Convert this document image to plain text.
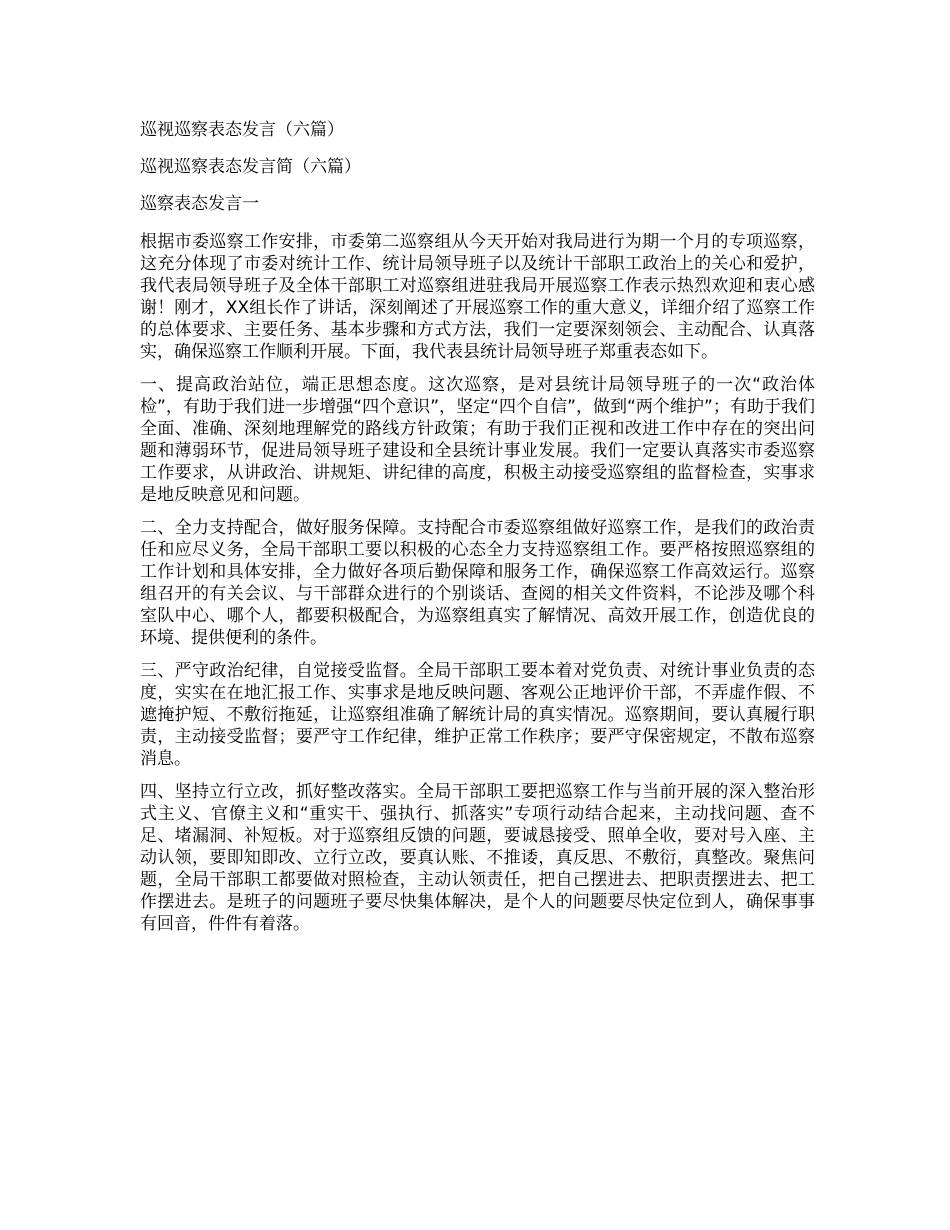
巡视巡察表态发言（六篇）
巡视巡察表态发言简（六篇）
巡察表态发言一

根据市委巡察工作安排，市委第二巡察组从今天开始对我局进行为期一个月的专项巡察，这充分体现了市委对统计工作、统计局领导班子以及统计干部职工政治上的关心和爱护，我代表局领导班子及全体干部职工对巡察组进驻我局开展巡察工作表示热烈欢迎和衷心感谢！刚才，XX组长作了讲话，深刻阐述了开展巡察工作的重大意义，详细介绍了巡察工作的总体要求、主要任务、基本步骤和方式方法，我们一定要深刻领会、主动配合、认真落实，确保巡察工作顺利开展。下面，我代表县统计局领导班子郑重表态如下。

一、提高政治站位，端正思想态度。这次巡察，是对县统计局领导班子的一次“政治体检”，有助于我们进一步增强“四个意识”，坚定“四个自信”，做到“两个维护”；有助于我们全面、准确、深刻地理解党的路线方针政策；有助于我们正视和改进工作中存在的突出问题和薄弱环节，促进局领导班子建设和全县统计事业发展。我们一定要认真落实市委巡察工作要求，从讲政治、讲规矩、讲纪律的高度，积极主动接受巡察组的监督检查，实事求是地反映意见和问题。

二、全力支持配合，做好服务保障。支持配合市委巡察组做好巡察工作，是我们的政治责任和应尽义务，全局干部职工要以积极的心态全力支持巡察组工作。要严格按照巡察组的工作计划和具体安排，全力做好各项后勤保障和服务工作，确保巡察工作高效运行。巡察组召开的有关会议、与干部群众进行的个别谈话、查阅的相关文件资料，不论涉及哪个科室队中心、哪个人，都要积极配合，为巡察组真实了解情况、高效开展工作，创造优良的环境、提供便利的条件。

三、严守政治纪律，自觉接受监督。全局干部职工要本着对党负责、对统计事业负责的态度，实实在在地汇报工作、实事求是地反映问题、客观公正地评价干部，不弄虚作假、不遮掩护短、不敷衍拖延，让巡察组准确了解统计局的真实情况。巡察期间，要认真履行职责，主动接受监督；要严守工作纪律，维护正常工作秩序；要严守保密规定，不散布巡察消息。

四、坚持立行立改，抓好整改落实。全局干部职工要把巡察工作与当前开展的深入整治形式主义、官僚主义和“重实干、强执行、抓落实”专项行动结合起来，主动找问题、查不足、堵漏洞、补短板。对于巡察组反馈的问题，要诚恳接受、照单全收，要对号入座、主动认领，要即知即改、立行立改，要真认账、不推诿，真反思、不敷衍，真整改。聚焦问题，全局干部职工都要做对照检查，主动认领责任，把自己摆进去、把职责摆进去、把工作摆进去。是班子的问题班子要尽快集体解决，是个人的问题要尽快定位到人，确保事事有回音，件件有着落。
